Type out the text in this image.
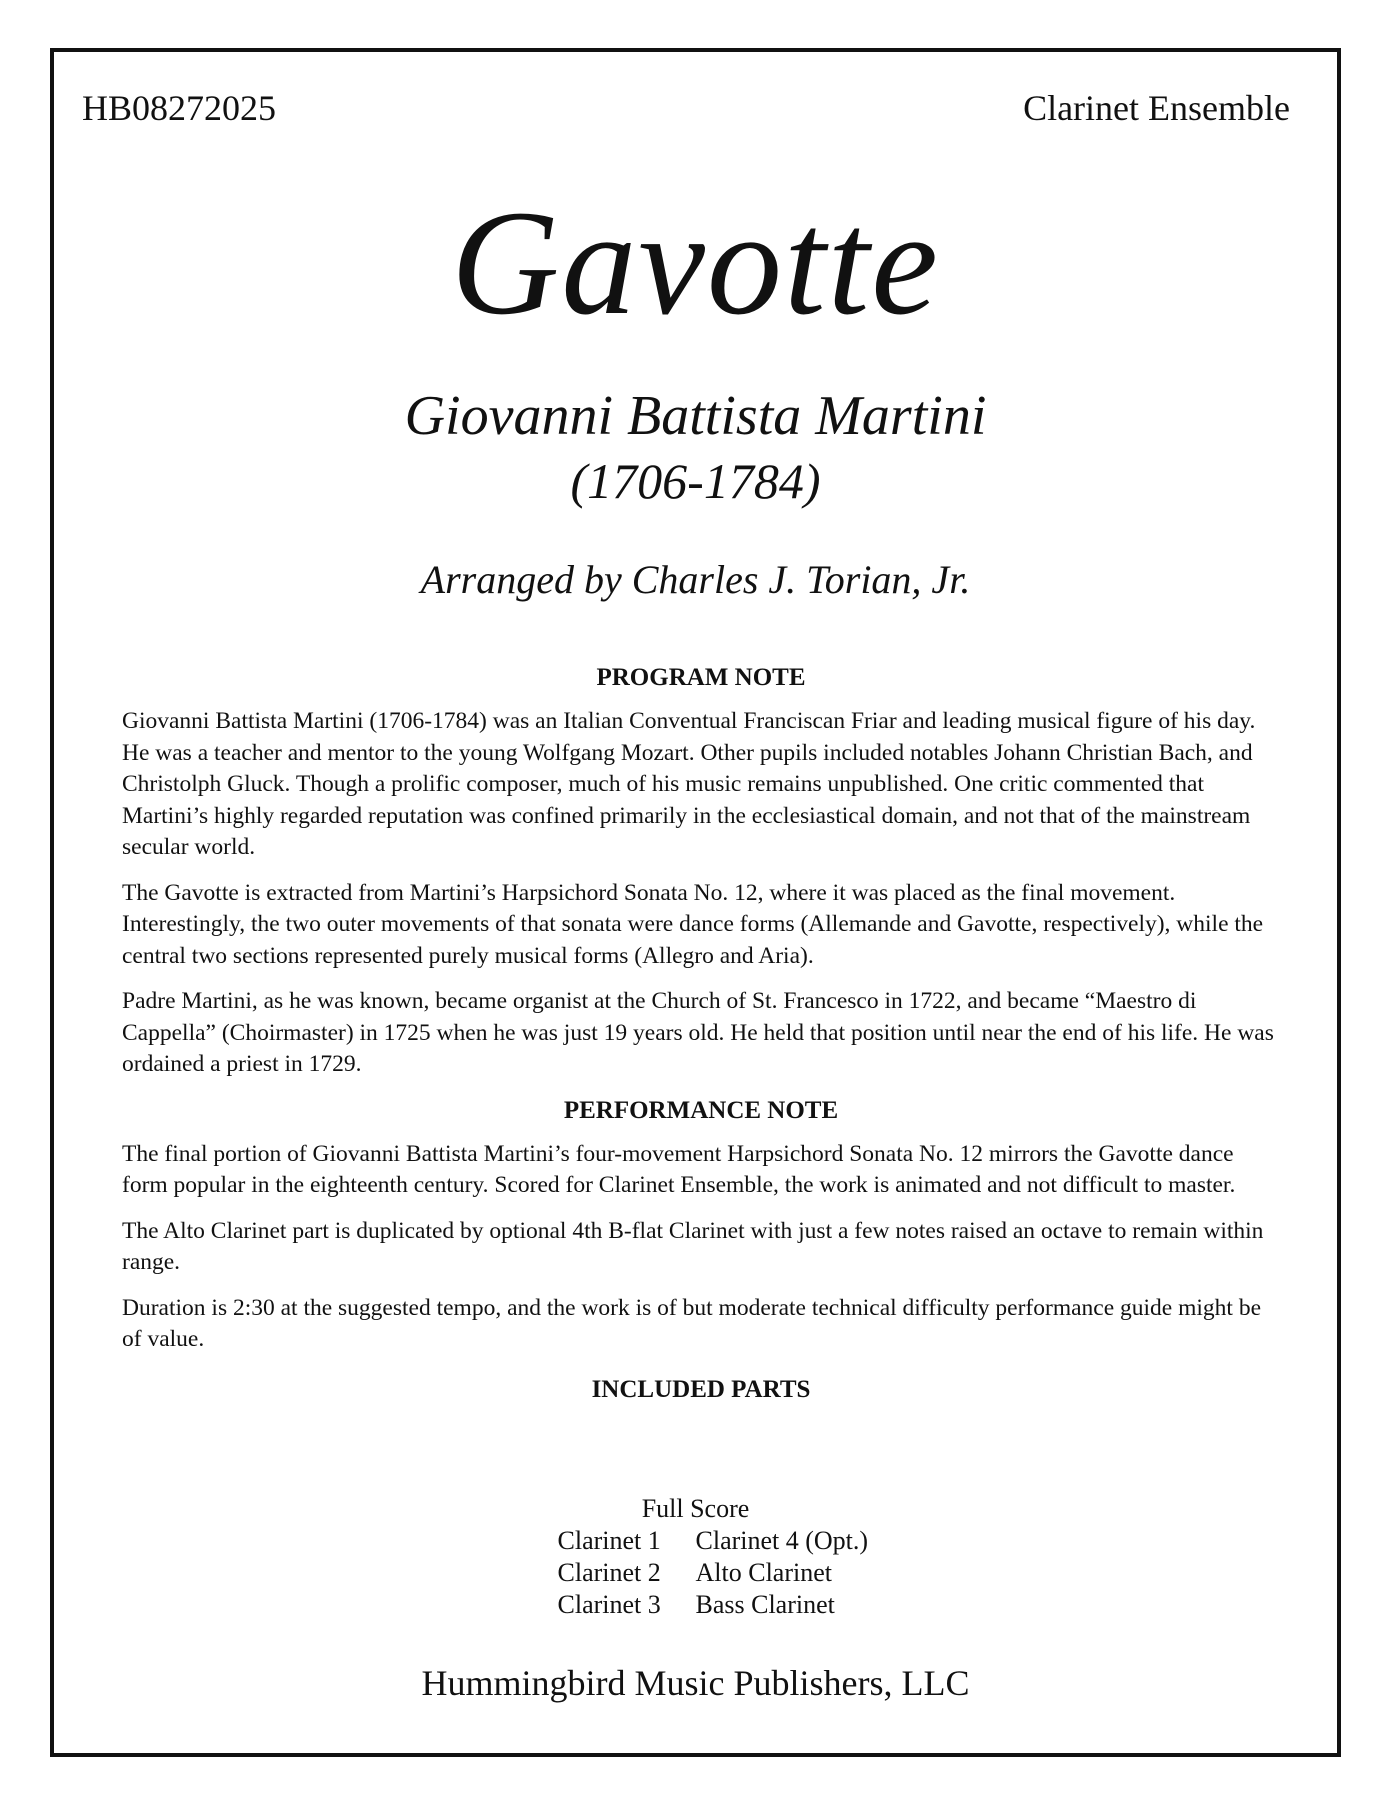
HB08272025	Clarinet Ensemble
Gavotte
Giovanni Battista Martini
(1706-1784)
Arranged by Charles J. Torian, Jr.
PROGRAM NOTE

Giovanni Battista Martini (1706-1784) was an Italian Conventual Franciscan Friar and leading musical figure of his day. He was a teacher and mentor to the young Wolfgang Mozart. Other pupils included notables Johann Christian Bach, and Christolph Gluck. Though a prolific composer, much of his music remains unpublished. One critic commented that Martini’s highly regarded reputation was confined primarily in the ecclesiastical domain, and not that of the mainstream secular world.

The Gavotte is extracted from Martini’s Harpsichord Sonata No. 12, where it was placed as the final movement. Interestingly, the two outer movements of that sonata were dance forms (Allemande and Gavotte, respectively), while the central two sections represented purely musical forms (Allegro and Aria).

Padre Martini, as he was known, became organist at the Church of St. Francesco in 1722, and became “Maestro di Cappella” (Choirmaster) in 1725 when he was just 19 years old. He held that position until near the end of his life. He was ordained a priest in 1729.

PERFORMANCE NOTE

The final portion of Giovanni Battista Martini’s four-movement Harpsichord Sonata No. 12 mirrors the Gavotte dance form popular in the eighteenth century. Scored for Clarinet Ensemble, the work is animated and not difficult to master.

The Alto Clarinet part is duplicated by optional 4th B-flat Clarinet with just a few notes raised an octave to remain within range.

Duration is 2:30 at the suggested tempo, and the work is of but moderate technical difficulty performance guide might be of value.

INCLUDED PARTS
Full Score
Clarinet 1	Clarinet 4 (Opt.)
Clarinet 2	Alto Clarinet
Clarinet 3	Bass Clarinet
Hummingbird Music Publishers, LLC
